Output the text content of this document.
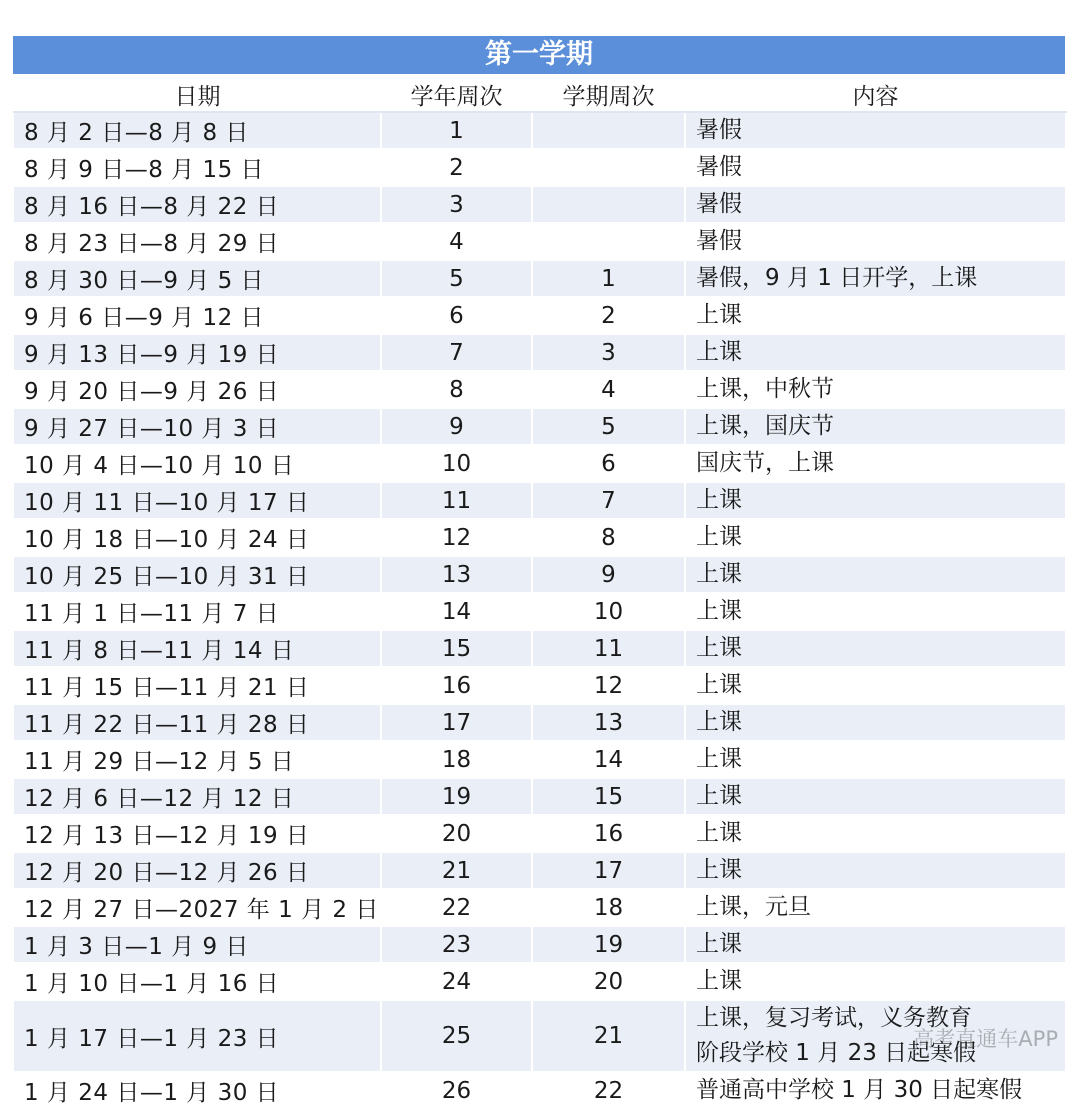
第一学期
日期	学年周次	学期周次	内容
8 月 2 日—8 月 8 日	1		暑假

8 月 9 日—8 月 15 日	2		暑假

8 月 16 日—8 月 22 日	3		暑假

8 月 23 日—8 月 29 日	4		暑假

8 月 30 日—9 月 5 日	5	1	暑假，9 月 1 日开学，上课

9 月 6 日—9 月 12 日	6	2	上课

9 月 13 日—9 月 19 日	7	3	上课

9 月 20 日—9 月 26 日	8	4	上课，中秋节

9 月 27 日—10 月 3 日	9	5	上课，国庆节

10 月 4 日—10 月 10 日	10	6	国庆节，上课

10 月 11 日—10 月 17 日	11	7	上课

10 月 18 日—10 月 24 日	12	8	上课

10 月 25 日—10 月 31 日	13	9	上课

11 月 1 日—11 月 7 日	14	10	上课

11 月 8 日—11 月 14 日	15	11	上课

11 月 15 日—11 月 21 日	16	12	上课

11 月 22 日—11 月 28 日	17	13	上课

11 月 29 日—12 月 5 日	18	14	上课

12 月 6 日—12 月 12 日	19	15	上课

12 月 13 日—12 月 19 日	20	16	上课

12 月 20 日—12 月 26 日	21	17	上课

12 月 27 日—2027 年 1 月 2 日	22	18	上课，元旦

1 月 3 日—1 月 9 日	23	19	上课

1 月 10 日—1 月 16 日	24	20	上课

1 月 17 日—1 月 23 日	25	21	上课，复习考试，义务教育
阶段学校 1 月 23 日起寒假

1 月 24 日—1 月 30 日	26	22	普通高中学校 1 月 30 日起寒假
高考直通车APP
